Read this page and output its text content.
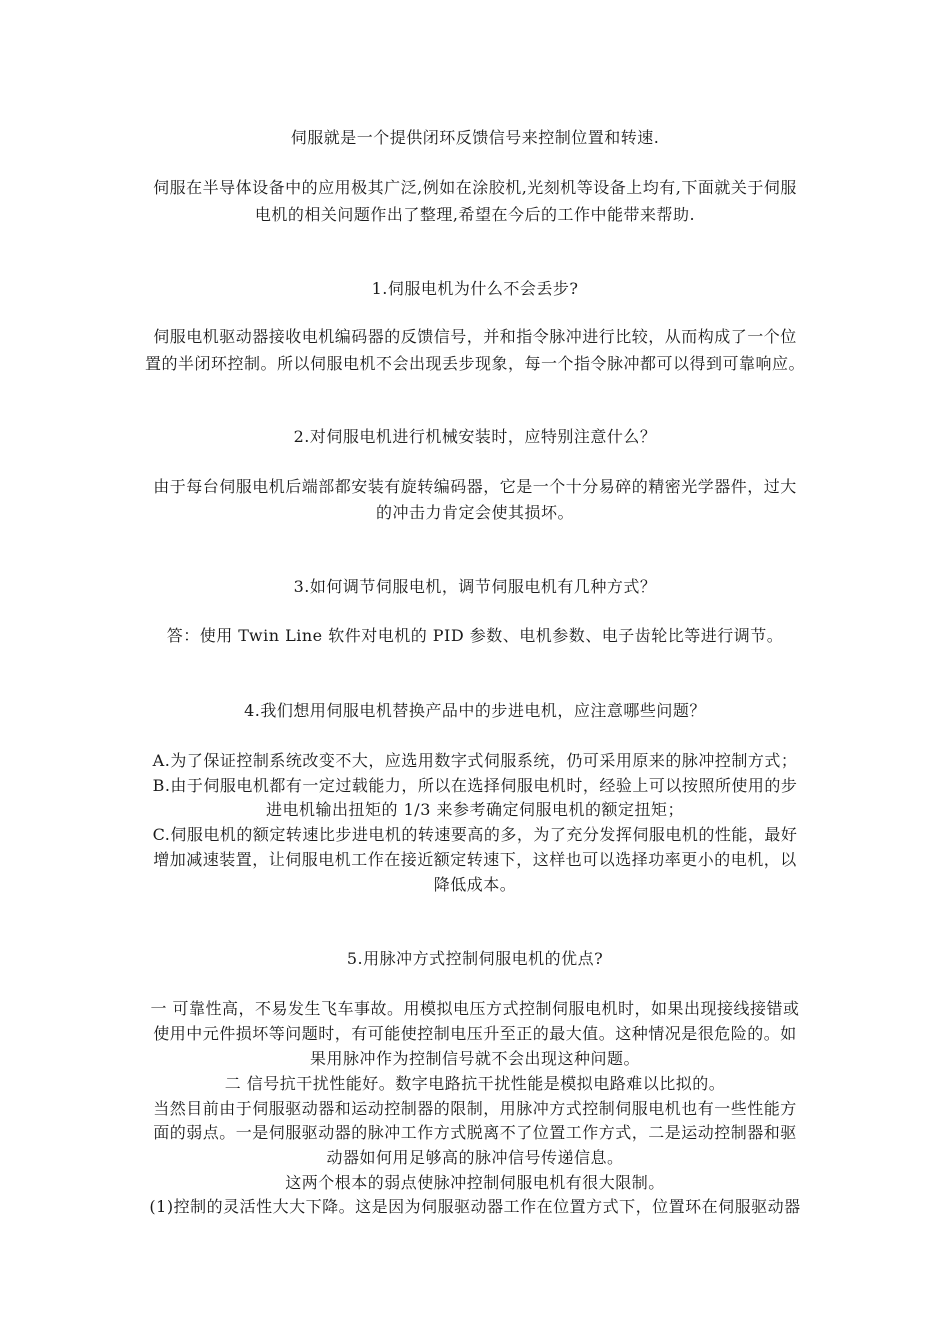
伺服就是一个提供闭环反馈信号来控制位置和转速.
伺服在半导体设备中的应用极其广泛,例如在涂胶机,光刻机等设备上均有,下面就关于伺服
电机的相关问题作出了整理,希望在今后的工作中能带来帮助.
1.伺服电机为什么不会丢步?
伺服电机驱动器接收电机编码器的反馈信号，并和指令脉冲进行比较，从而构成了一个位
置的半闭环控制。所以伺服电机不会出现丢步现象，每一个指令脉冲都可以得到可靠响应。
2.对伺服电机进行机械安装时，应特别注意什么？
由于每台伺服电机后端部都安装有旋转编码器，它是一个十分易碎的精密光学器件，过大
的冲击力肯定会使其损坏。
3.如何调节伺服电机，调节伺服电机有几种方式？
答：使用 Twin Line 软件对电机的 PID 参数、电机参数、电子齿轮比等进行调节。
4.我们想用伺服电机替换产品中的步进电机，应注意哪些问题？
A.为了保证控制系统改变不大，应选用数字式伺服系统，仍可采用原来的脉冲控制方式；
B.由于伺服电机都有一定过载能力，所以在选择伺服电机时，经验上可以按照所使用的步
进电机输出扭矩的 1/3 来参考确定伺服电机的额定扭矩；
C.伺服电机的额定转速比步进电机的转速要高的多，为了充分发挥伺服电机的性能，最好
增加减速装置，让伺服电机工作在接近额定转速下，这样也可以选择功率更小的电机，以
降低成本。
5.用脉冲方式控制伺服电机的优点?
一 可靠性高，不易发生飞车事故。用模拟电压方式控制伺服电机时，如果出现接线接错或
使用中元件损坏等问题时，有可能使控制电压升至正的最大值。这种情况是很危险的。如
果用脉冲作为控制信号就不会出现这种问题。
二 信号抗干扰性能好。数字电路抗干扰性能是模拟电路难以比拟的。
当然目前由于伺服驱动器和运动控制器的限制，用脉冲方式控制伺服电机也有一些性能方
面的弱点。一是伺服驱动器的脉冲工作方式脱离不了位置工作方式，二是运动控制器和驱
动器如何用足够高的脉冲信号传递信息。
这两个根本的弱点使脉冲控制伺服电机有很大限制。
(1)控制的灵活性大大下降。这是因为伺服驱动器工作在位置方式下，位置环在伺服驱动器
